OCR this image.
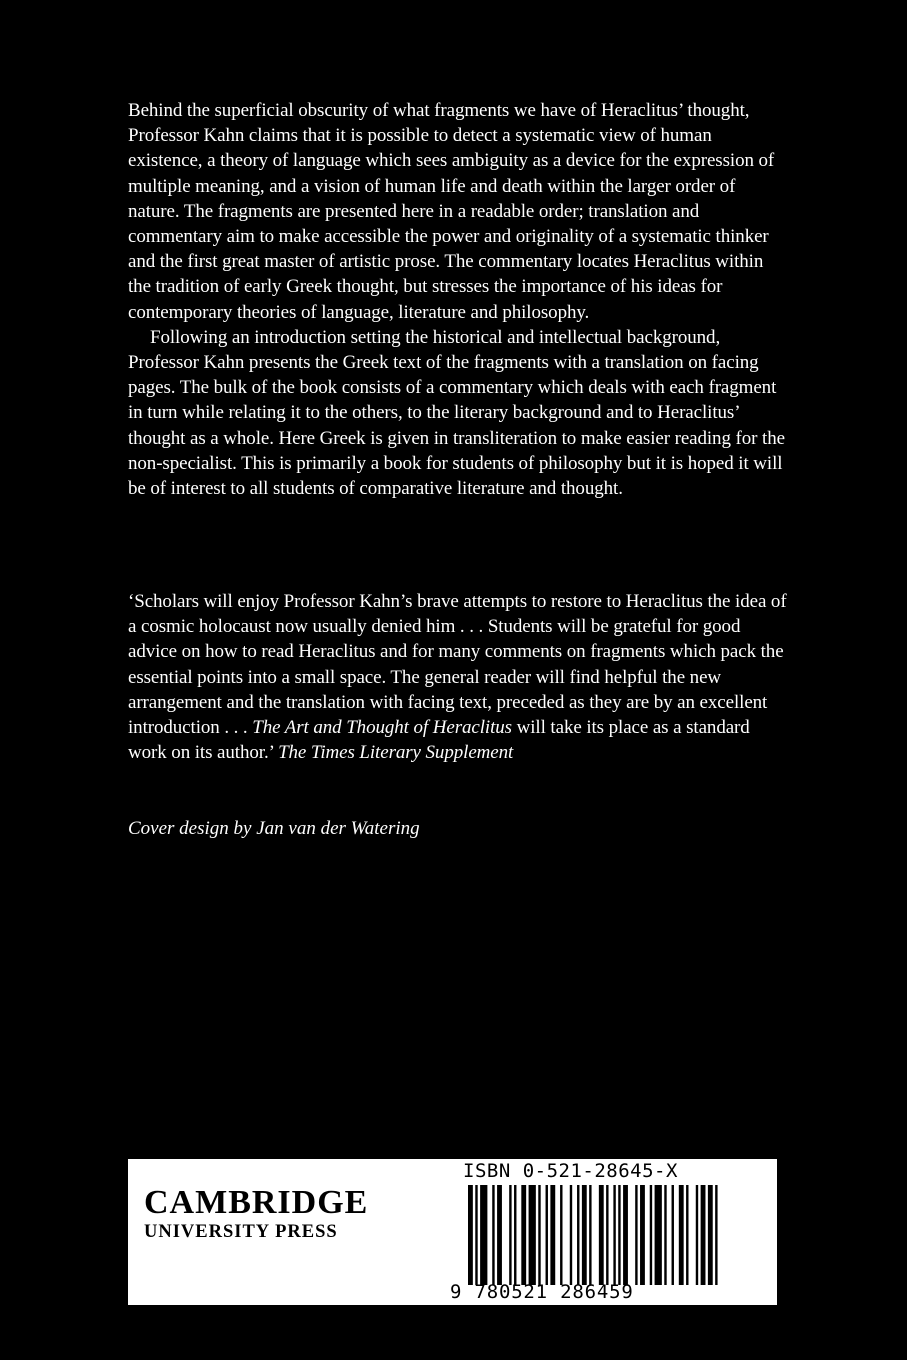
Behind the superficial obscurity of what fragments we have of Heraclitus’ thought, Professor Kahn claims that it is possible to detect a systematic view of human existence, a theory of language which sees ambiguity as a device for the expression of multiple meaning, and a vision of human life and death within the larger order of nature. The fragments are presented here in a readable order; translation and commentary aim to make accessible the power and originality of a systematic thinker and the first great master of artistic prose. The commentary locates Heraclitus within the tradition of early Greek thought, but stresses the importance of his ideas for contemporary theories of language, literature and philosophy.

Following an introduction setting the historical and intellectual background, Professor Kahn presents the Greek text of the fragments with a translation on facing pages. The bulk of the book consists of a commentary which deals with each fragment in turn while relating it to the others, to the literary background and to Heraclitus’ thought as a whole. Here Greek is given in transliteration to make easier reading for the non-specialist. This is primarily a book for students of philosophy but it is hoped it will be of interest to all students of comparative literature and thought.

‘Scholars will enjoy Professor Kahn’s brave attempts to restore to Heraclitus the idea of a cosmic holocaust now usually denied him . . . Students will be grateful for good advice on how to read Heraclitus and for many comments on fragments which pack the essential points into a small space. The general reader will find helpful the new arrangement and the translation with facing text, preceded as they are by an excellent introduction . . . The Art and Thought of Heraclitus will take its place as a standard work on its author.’ The Times Literary Supplement

Cover design by Jan van der Watering

CAMBRIDGE
UNIVERSITY PRESS
ISBN 0-521-28645-X
9 780521 286459
